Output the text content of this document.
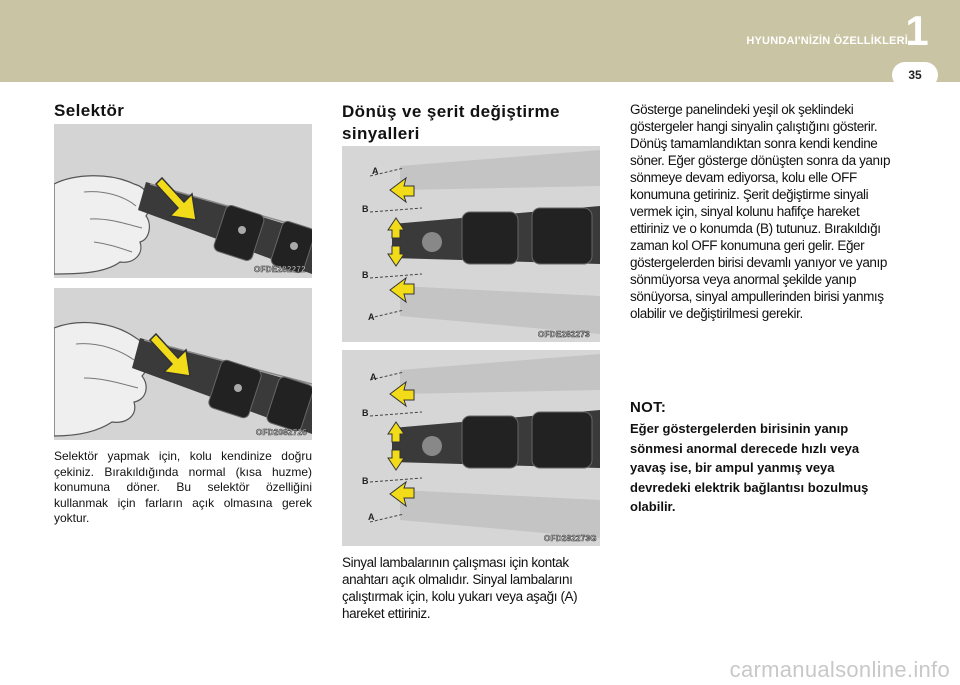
HYUNDAI'NİZİN ÖZELLİKLERİ
1
35
Selektör
OFDE282272
OFD2082726

Selektör yapmak için, kolu kendinize doğru çekiniz. Bırakıldığında normal (kısa huzme) konumuna döner. Bu selektör özelliğini kullanmak için farların açık olmasına gerek yoktur.

Dönüş ve şerit değiştirme sinyalleri
A
B
B
A
OFDE282273
A
B
B
A
OFD282273G

Sinyal lambalarının çalışması için kontak anahtarı açık olmalıdır. Sinyal lambalarını çalıştırmak için, kolu yukarı veya aşağı (A) hareket ettiriniz.

Gösterge panelindeki yeşil ok şeklindeki göstergeler hangi sinyalin çalıştığını gösterir. Dönüş tamamlandıktan sonra kendi kendine söner. Eğer gösterge dönüşten sonra da yanıp sönmeye devam ediyorsa, kolu elle OFF konumuna getiriniz. Şerit değiştirme sinyali vermek için, sinyal kolunu hafifçe hareket ettiriniz ve o konumda (B) tutunuz. Bırakıldığı zaman kol OFF konumuna geri gelir. Eğer göstergelerden birisi devamlı yanıyor ve yanıp sönmüyorsa veya anormal şekilde yanıp sönüyorsa, sinyal ampullerinden birisi yanmış olabilir ve değiştirilmesi gerekir.

NOT:

Eğer göstergelerden birisinin yanıp sönmesi anormal derecede hızlı veya yavaş ise, bir ampul yanmış veya devredeki elektrik bağlantısı bozulmuş olabilir.

carmanualsonline.info
